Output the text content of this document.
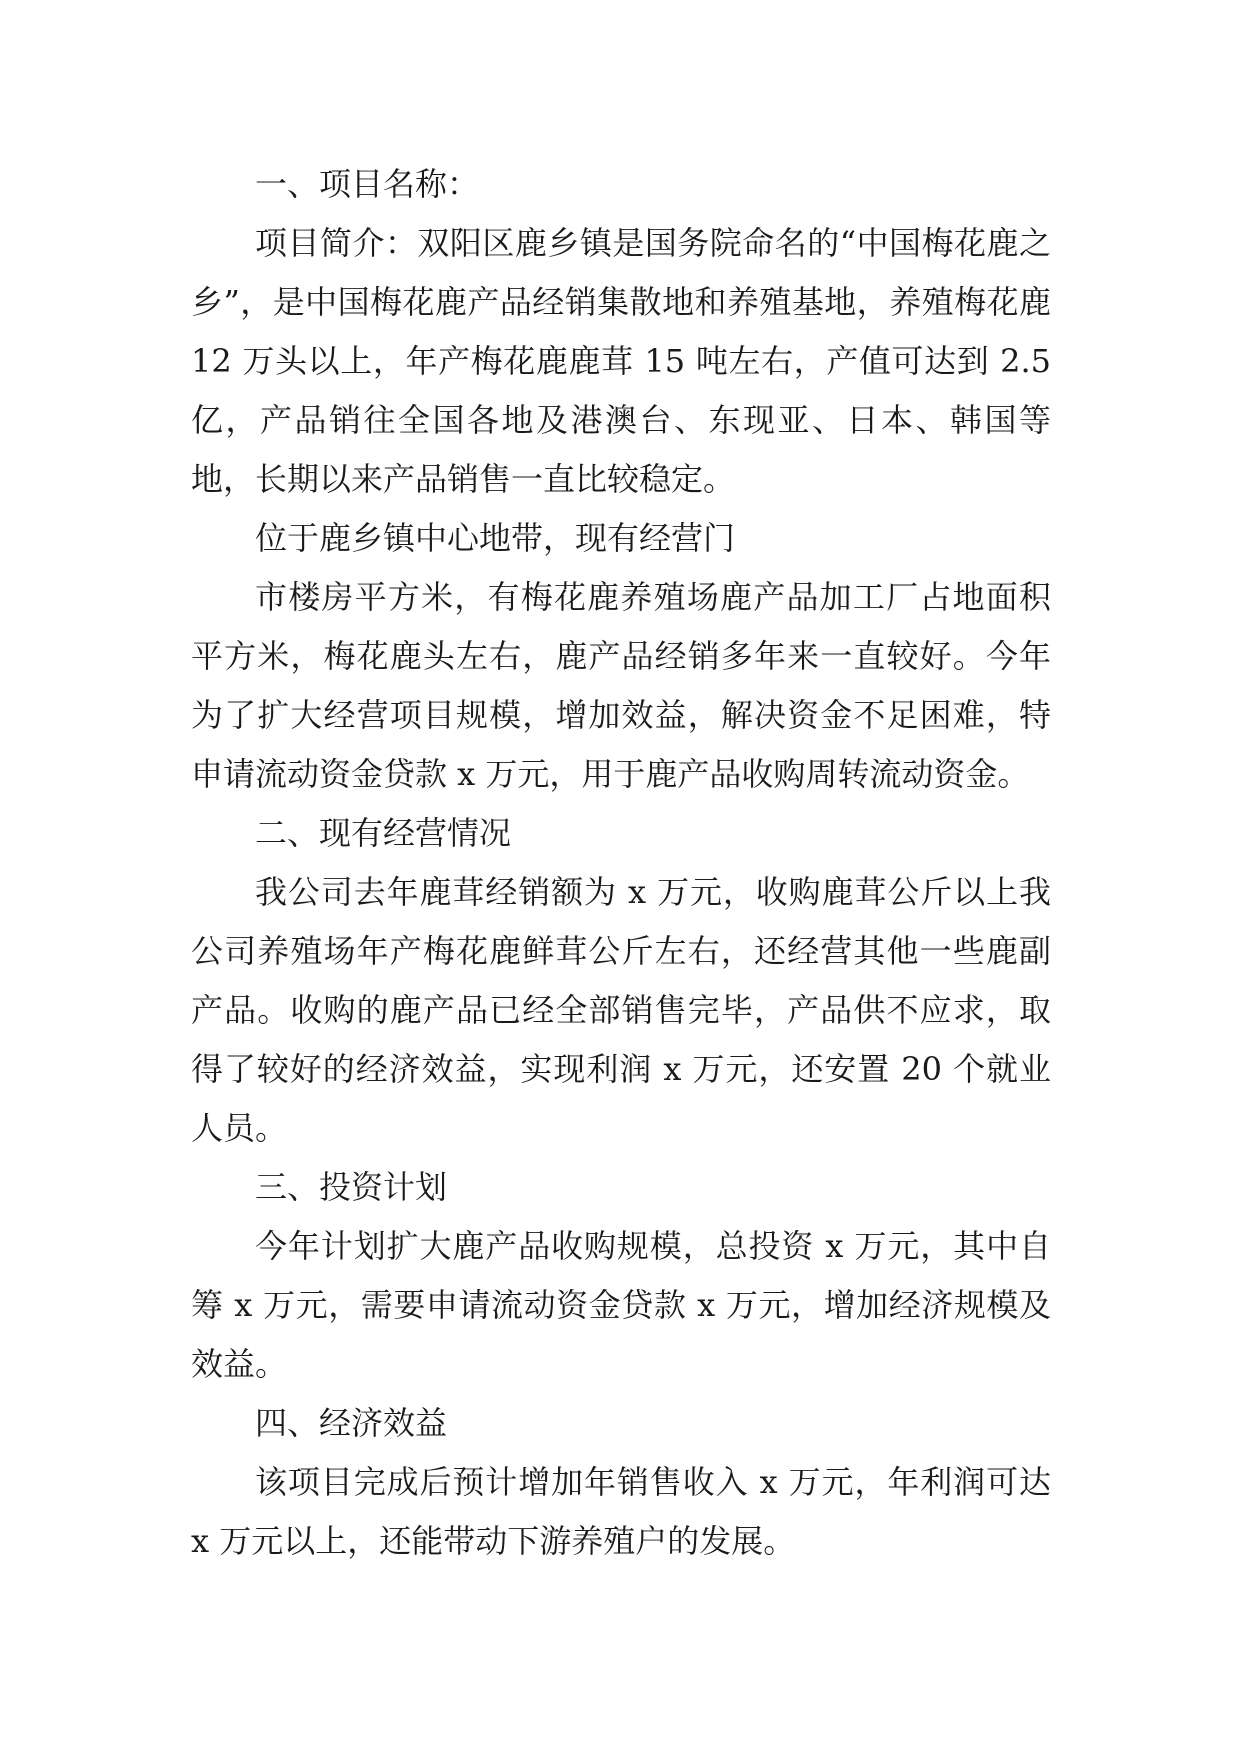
一、项目名称：

项目简介：双阳区鹿乡镇是国务院命名的“中国梅花鹿之乡”，是中国梅花鹿产品经销集散地和养殖基地，养殖梅花鹿 12 万头以上，年产梅花鹿鹿茸 15 吨左右，产值可达到 2.5 亿，产品销往全国各地及港澳台、东现亚、日本、韩国等地，长期以来产品销售一直比较稳定。

位于鹿乡镇中心地带，现有经营门

市楼房平方米，有梅花鹿养殖场鹿产品加工厂占地面积平方米，梅花鹿头左右，鹿产品经销多年来一直较好。今年为了扩大经营项目规模，增加效益，解决资金不足困难，特申请流动资金贷款 x 万元，用于鹿产品收购周转流动资金。

二、现有经营情况

我公司去年鹿茸经销额为 x 万元，收购鹿茸公斤以上我公司养殖场年产梅花鹿鲜茸公斤左右，还经营其他一些鹿副产品。收购的鹿产品已经全部销售完毕，产品供不应求，取得了较好的经济效益，实现利润 x 万元，还安置 20 个就业人员。

三、投资计划

今年计划扩大鹿产品收购规模，总投资 x 万元，其中自筹 x 万元，需要申请流动资金贷款 x 万元，增加经济规模及效益。

四、经济效益

该项目完成后预计增加年销售收入 x 万元，年利润可达 x 万元以上，还能带动下游养殖户的发展。
